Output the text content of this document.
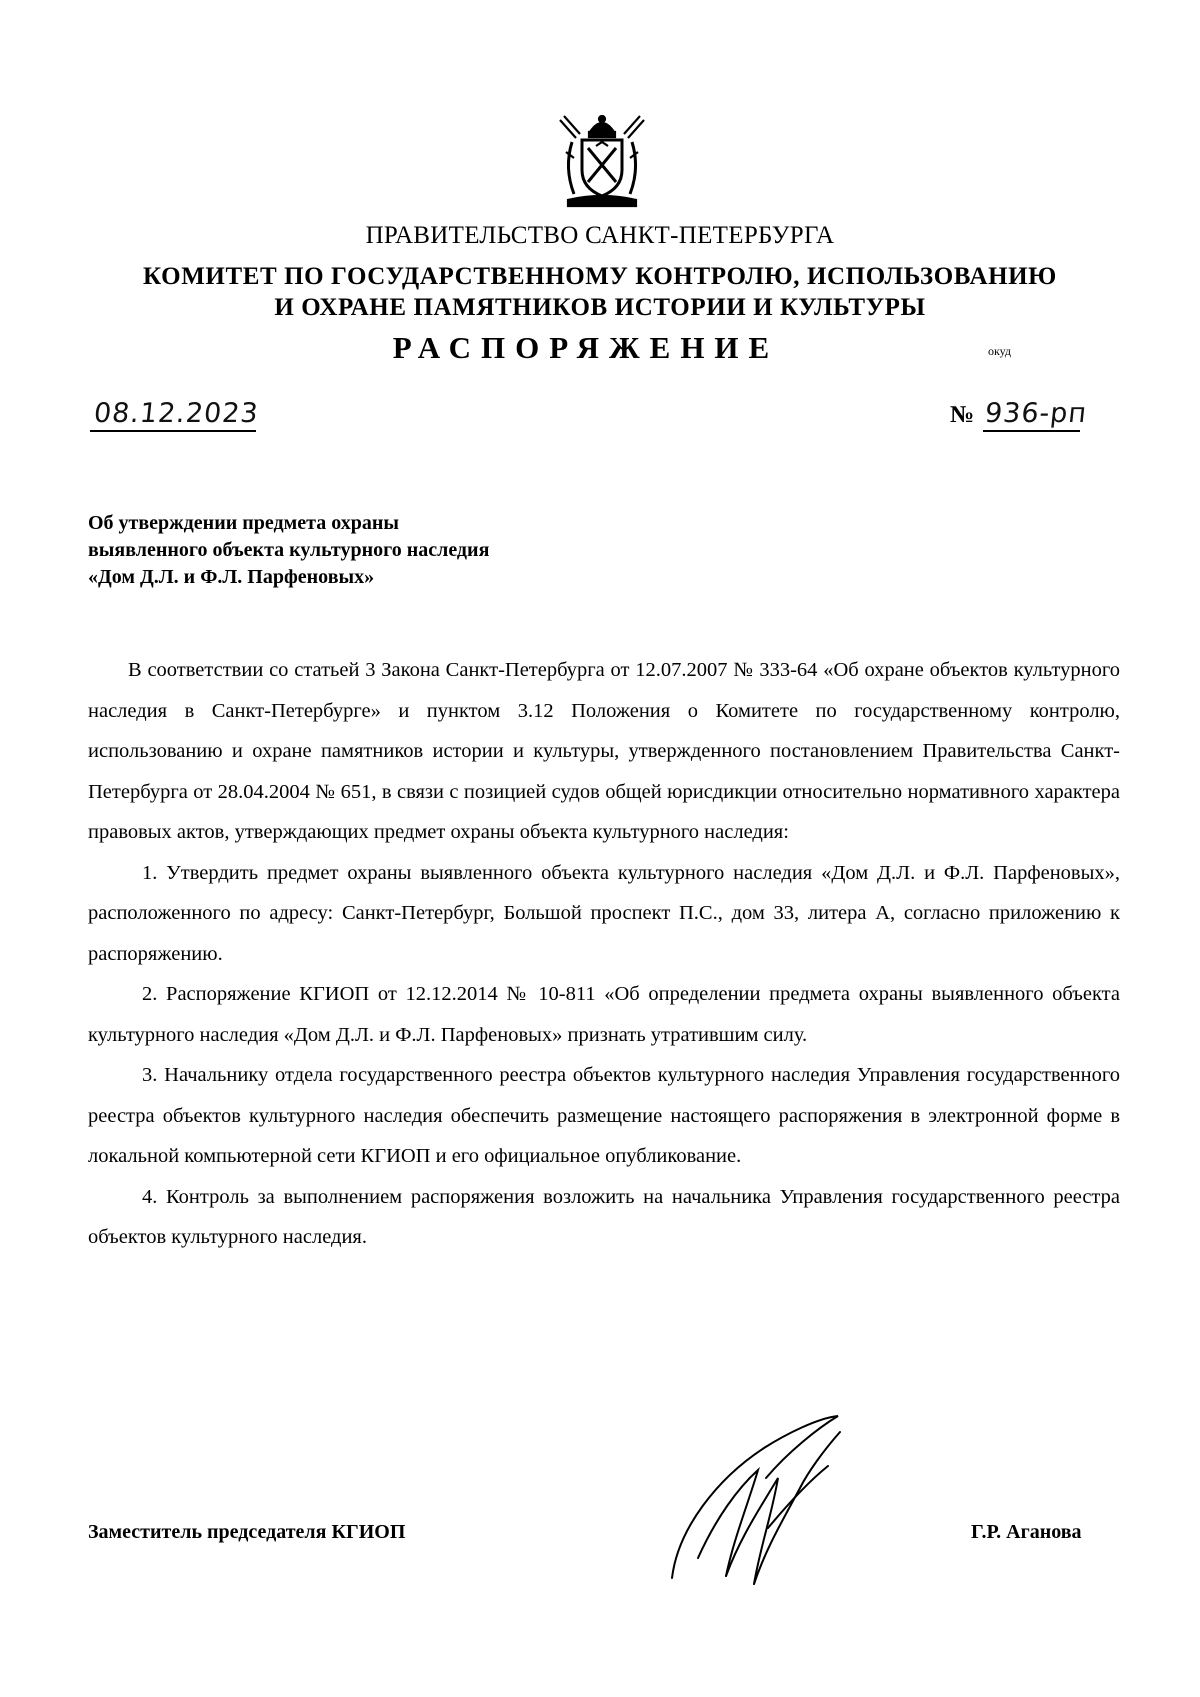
ПРАВИТЕЛЬСТВО САНКТ-ПЕТЕРБУРГА
КОМИТЕТ ПО ГОСУДАРСТВЕННОМУ КОНТРОЛЮ, ИСПОЛЬЗОВАНИЮ
И ОХРАНЕ ПАМЯТНИКОВ ИСТОРИИ И КУЛЬТУРЫ
РАСПОРЯЖЕНИЕ	окуд
08.12.2023	№ 936-рп
Об утверждении предмета охраны
выявленного объекта культурного наследия
«Дом Д.Л. и Ф.Л. Парфеновых»

В соответствии со статьей 3 Закона Санкт-Петербурга от 12.07.2007 № 333-64 «Об охране объектов культурного наследия в Санкт-Петербурге» и пунктом 3.12 Положения о Комитете по государственному контролю, использованию и охране памятников истории и культуры, утвержденного постановлением Правительства Санкт-Петербурга от 28.04.2004 № 651, в связи с позицией судов общей юрисдикции относительно нормативного характера правовых актов, утверждающих предмет охраны объекта культурного наследия:

1. Утвердить предмет охраны выявленного объекта культурного наследия «Дом Д.Л. и Ф.Л. Парфеновых», расположенного по адресу: Санкт-Петербург, Большой проспект П.С., дом 33, литера А, согласно приложению к распоряжению.

2. Распоряжение КГИОП от 12.12.2014 № 10-811 «Об определении предмета охраны выявленного объекта культурного наследия «Дом Д.Л. и Ф.Л. Парфеновых» признать утратившим силу.

3. Начальнику отдела государственного реестра объектов культурного наследия Управления государственного реестра объектов культурного наследия обеспечить размещение настоящего распоряжения в электронной форме в локальной компьютерной сети КГИОП и его официальное опубликование.

4. Контроль за выполнением распоряжения возложить на начальника Управления государственного реестра объектов культурного наследия.

Заместитель председателя КГИОП	Г.Р. Аганова
